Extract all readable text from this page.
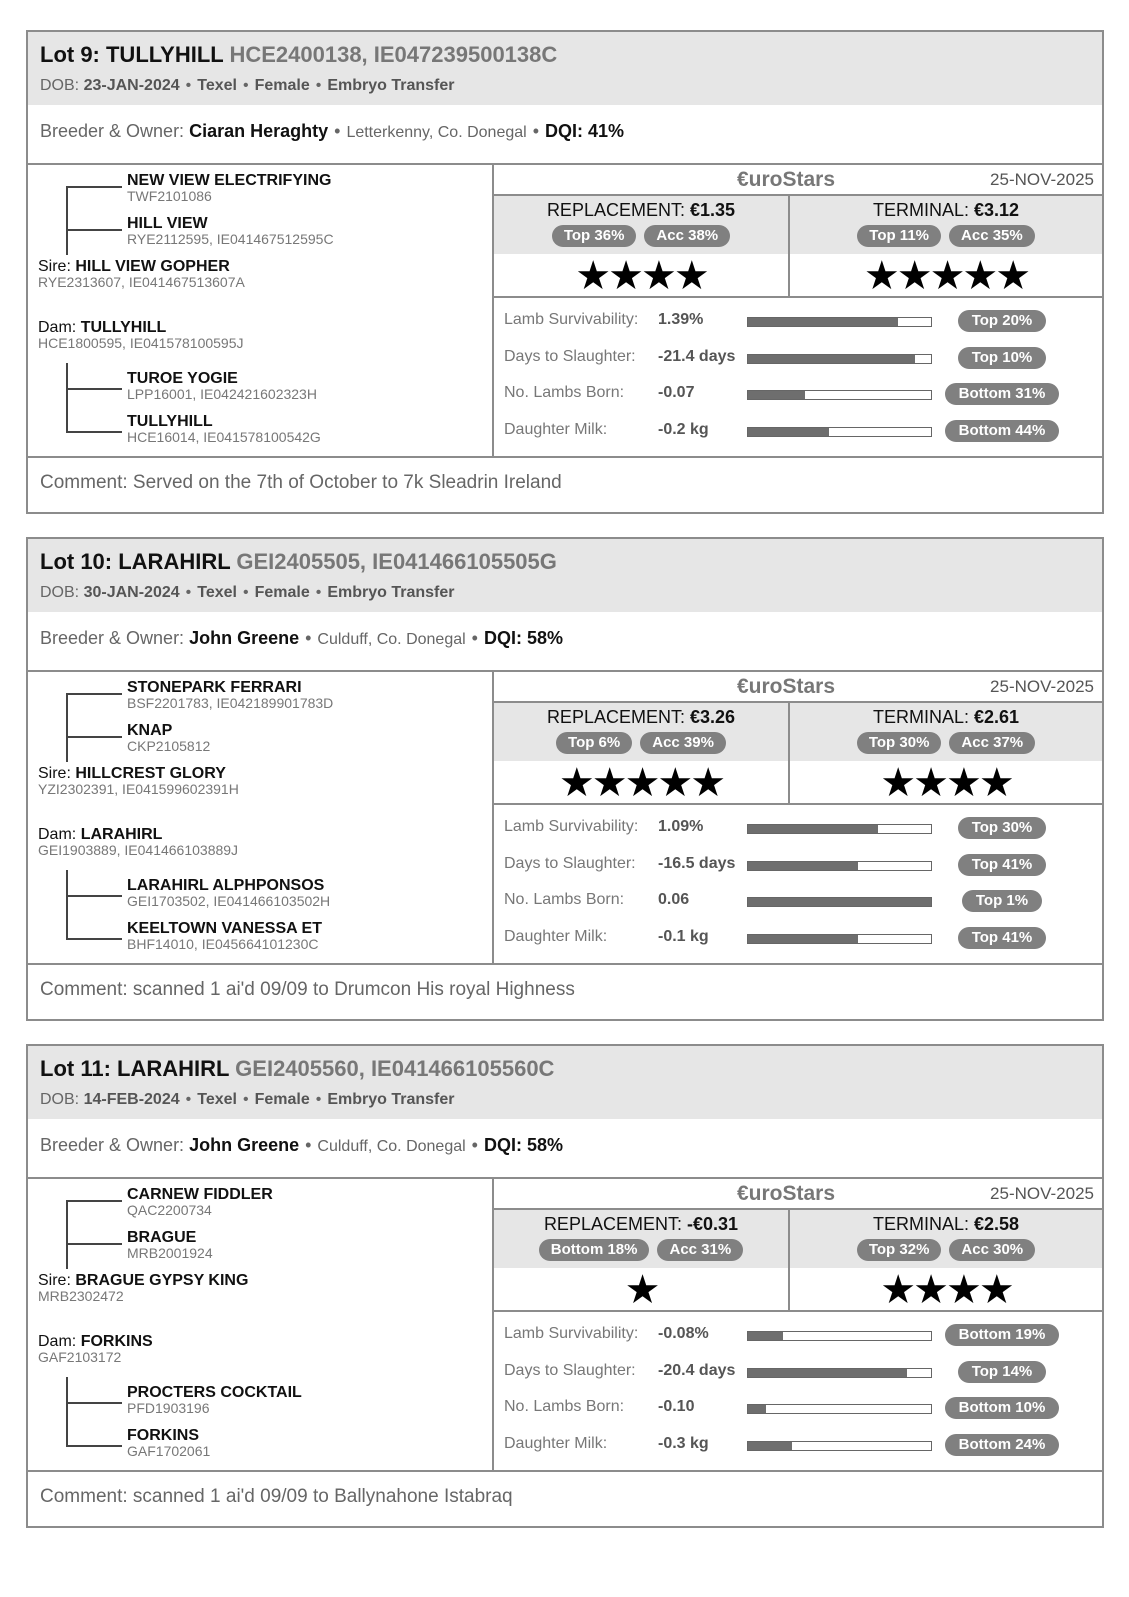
Lot 9: TULLYHILL HCE2400138, IE047239500138C
DOB: 23-JAN-2024 • Texel • Female • Embryo Transfer
Breeder & Owner: Ciaran Heraghty • Letterkenny, Co. Donegal • DQI: 41%
NEW VIEW ELECTRIFYING
TWF2101086
HILL VIEW
RYE2112595, IE041467512595C
Sire: HILL VIEW GOPHER
RYE2313607, IE041467513607A
Dam: TULLYHILL
HCE1800595, IE041578100595J
TUROE YOGIE
LPP16001, IE042421602323H
TULLYHILL
HCE16014, IE041578100542G
€uroStars	25-NOV-2025
REPLACEMENT: €1.35
Top 36% Acc 38%
★★★★
TERMINAL: €3.12
Top 11% Acc 35%
★★★★★
Lamb Survivability: 1.39%	Top 20%
Days to Slaughter: -21.4 days	Top 10%
No. Lambs Born: -0.07	Bottom 31%
Daughter Milk:	-0.2 kg	Bottom 44%
Comment: Served on the 7th of October to 7k Sleadrin Ireland
Lot 10: LARAHIRL GEI2405505, IE041466105505G
DOB: 30-JAN-2024 • Texel • Female • Embryo Transfer
Breeder & Owner: John Greene • Culduff, Co. Donegal • DQI: 58%
STONEPARK FERRARI
BSF2201783, IE042189901783D
KNAP
CKP2105812
Sire: HILLCREST GLORY
YZI2302391, IE041599602391H
Dam: LARAHIRL
GEI1903889, IE041466103889J
LARAHIRL ALPHPONSOS
GEI1703502, IE041466103502H
KEELTOWN VANESSA ET
BHF14010, IE045664101230C
€uroStars	25-NOV-2025
REPLACEMENT: €3.26
Top 6% Acc 39%
★★★★★
TERMINAL: €2.61
Top 30% Acc 37%
★★★★
Lamb Survivability: 1.09%	Top 30%
Days to Slaughter: -16.5 days	Top 41%
No. Lambs Born: 0.06	Top 1%
Daughter Milk:	-0.1 kg	Top 41%
Comment: scanned 1 ai'd 09/09 to Drumcon His royal Highness
Lot 11: LARAHIRL GEI2405560, IE041466105560C
DOB: 14-FEB-2024 • Texel • Female • Embryo Transfer
Breeder & Owner: John Greene • Culduff, Co. Donegal • DQI: 58%
CARNEW FIDDLER
QAC2200734
BRAGUE
MRB2001924
Sire: BRAGUE GYPSY KING
MRB2302472
Dam: FORKINS
GAF2103172
PROCTERS COCKTAIL
PFD1903196
FORKINS
GAF1702061
€uroStars	25-NOV-2025
REPLACEMENT: -€0.31
Bottom 18% Acc 31%
★
TERMINAL: €2.58
Top 32% Acc 30%
★★★★
Lamb Survivability: -0.08%	Bottom 19%
Days to Slaughter: -20.4 days	Top 14%
No. Lambs Born: -0.10	Bottom 10%
Daughter Milk:	-0.3 kg	Bottom 24%
Comment: scanned 1 ai'd 09/09 to Ballynahone Istabraq
